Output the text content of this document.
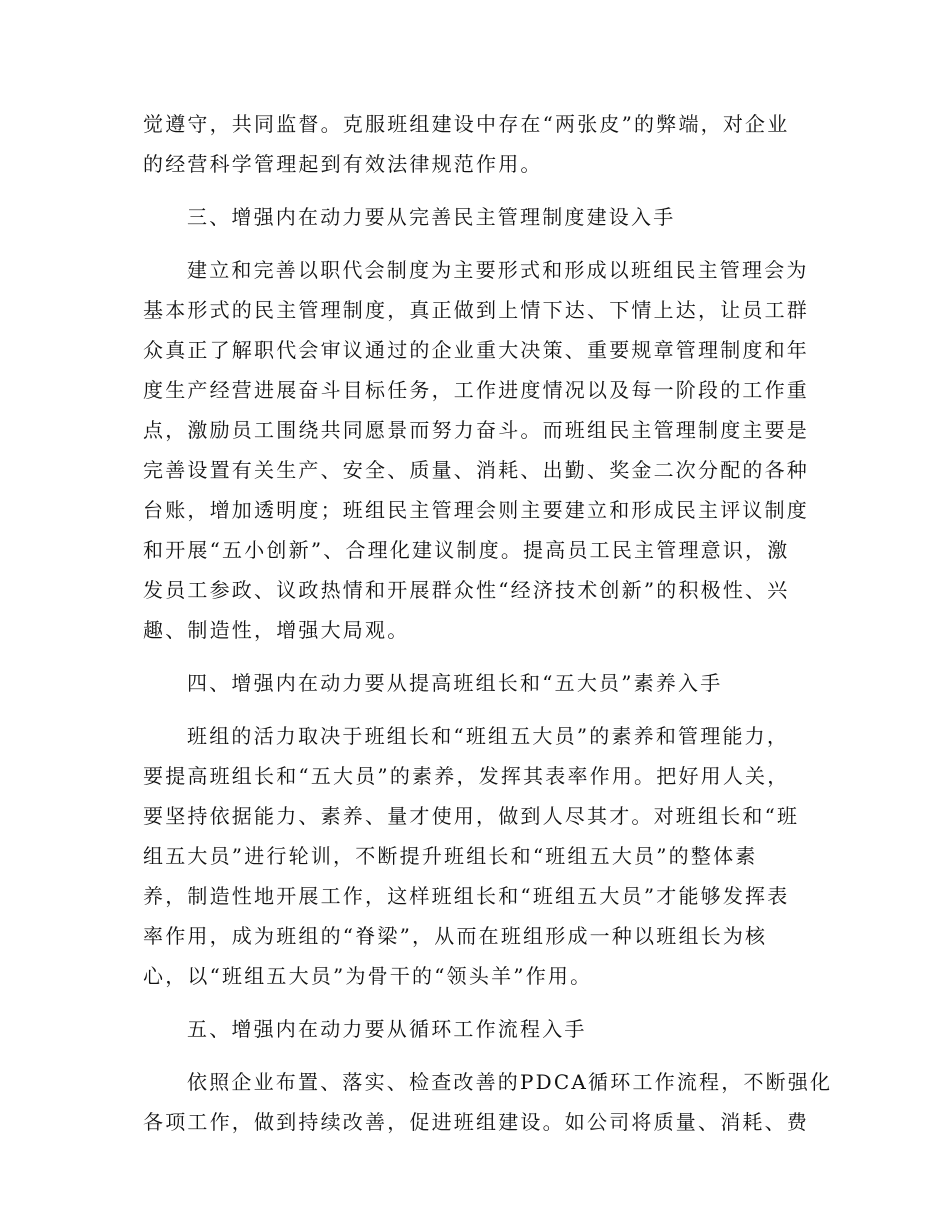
觉遵守，共同监督。克服班组建设中存在“两张皮”的弊端，对企业
的经营科学管理起到有效法律规范作用。
三、增强内在动力要从完善民主管理制度建设入手
建立和完善以职代会制度为主要形式和形成以班组民主管理会为
基本形式的民主管理制度，真正做到上情下达、下情上达，让员工群
众真正了解职代会审议通过的企业重大决策、重要规章管理制度和年
度生产经营进展奋斗目标任务，工作进度情况以及每一阶段的工作重
点，激励员工围绕共同愿景而努力奋斗。而班组民主管理制度主要是
完善设置有关生产、安全、质量、消耗、出勤、奖金二次分配的各种
台账，增加透明度；班组民主管理会则主要建立和形成民主评议制度
和开展“五小创新”、合理化建议制度。提高员工民主管理意识，激
发员工参政、议政热情和开展群众性“经济技术创新”的积极性、兴
趣、制造性，增强大局观。
四、增强内在动力要从提高班组长和“五大员”素养入手
班组的活力取决于班组长和“班组五大员”的素养和管理能力，
要提高班组长和“五大员”的素养，发挥其表率作用。把好用人关，
要坚持依据能力、素养、量才使用，做到人尽其才。对班组长和“班
组五大员”进行轮训，不断提升班组长和“班组五大员”的整体素
养，制造性地开展工作，这样班组长和“班组五大员”才能够发挥表
率作用，成为班组的“脊梁”，从而在班组形成一种以班组长为核
心，以“班组五大员”为骨干的“领头羊”作用。
五、增强内在动力要从循环工作流程入手
依照企业布置、落实、检查改善的PDCA循环工作流程，不断强化
各项工作，做到持续改善，促进班组建设。如公司将质量、消耗、费
